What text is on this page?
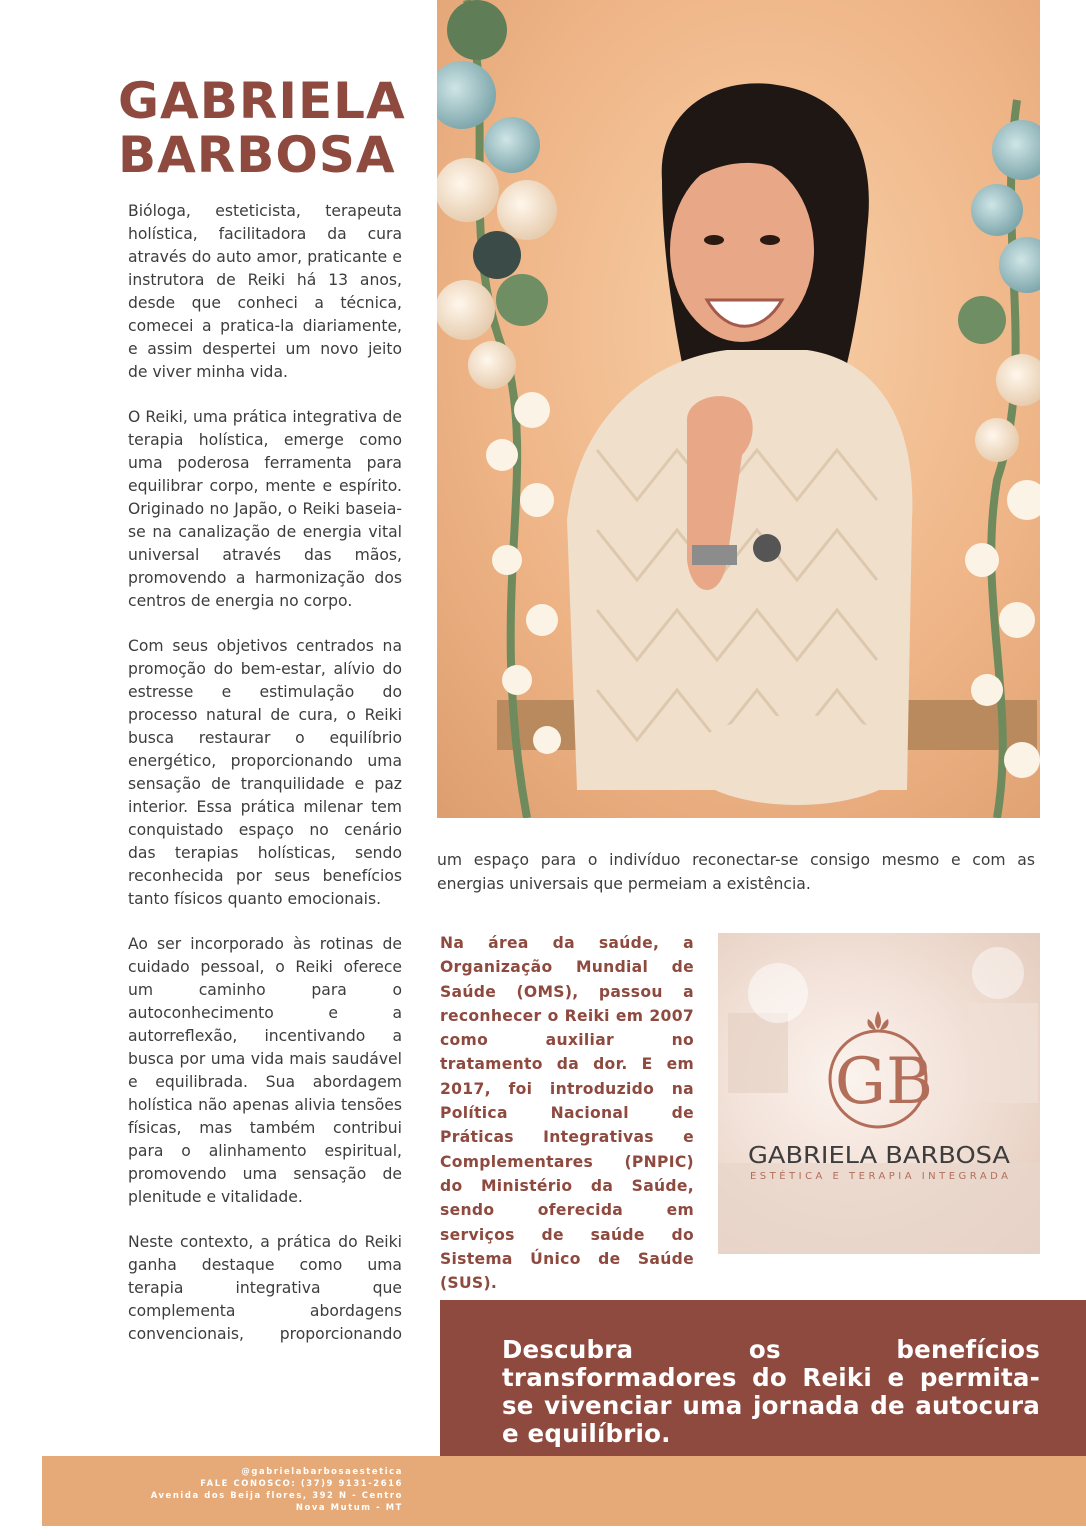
GABRIELA
BARBOSA

Bióloga, esteticista, terapeuta holística, facilitadora da cura através do auto amor, praticante e instrutora de Reiki há 13 anos, desde que conheci a técnica, comecei a pratica-la diariamente, e assim despertei um novo jeito de viver minha vida.

O Reiki, uma prática integrativa de terapia holística, emerge como uma poderosa ferramenta para equilibrar corpo, mente e espírito. Originado no Japão, o Reiki baseia-se na canalização de energia vital universal através das mãos, promovendo a harmonização dos centros de energia no corpo.

Com seus objetivos centrados na promoção do bem-estar, alívio do estresse e estimulação do processo natural de cura, o Reiki busca restaurar o equilíbrio energético, proporcionando uma sensação de tranquilidade e paz interior. Essa prática milenar tem conquistado espaço no cenário das terapias holísticas, sendo reconhecida por seus benefícios tanto físicos quanto emocionais.

Ao ser incorporado às rotinas de cuidado pessoal, o Reiki oferece um caminho para o autoconhecimento e a autorreflexão, incentivando a busca por uma vida mais saudável e equilibrada. Sua abordagem holística não apenas alivia tensões físicas, mas também contribui para o alinhamento espiritual, promovendo uma sensação de plenitude e vitalidade.

Neste contexto, a prática do Reiki ganha destaque como uma terapia integrativa que complementa abordagens convencionais, proporcionando

um espaço para o indivíduo reconectar-se consigo mesmo e com as energias universais que permeiam a existência.
Na área da saúde, a Organização Mundial de Saúde (OMS), passou a reconhecer o Reiki em 2007 como auxiliar no tratamento da dor. E em 2017, foi introduzido na Política Nacional de Práticas Integrativas e Complementares (PNPIC) do Ministério da Saúde, sendo oferecida em serviços de saúde do Sistema Único de Saúde (SUS).
GB
GABRIELA BARBOSA
ESTÉTICA E TERAPIA INTEGRADA
Descubra os benefícios transformadores do Reiki e permita-se vivenciar uma jornada de autocura e equilíbrio.
@gabrielabarbosaestetica
FALE CONOSCO: (37)9 9131-2616
Avenida dos Beija flores, 392 N - Centro
Nova Mutum - MT
